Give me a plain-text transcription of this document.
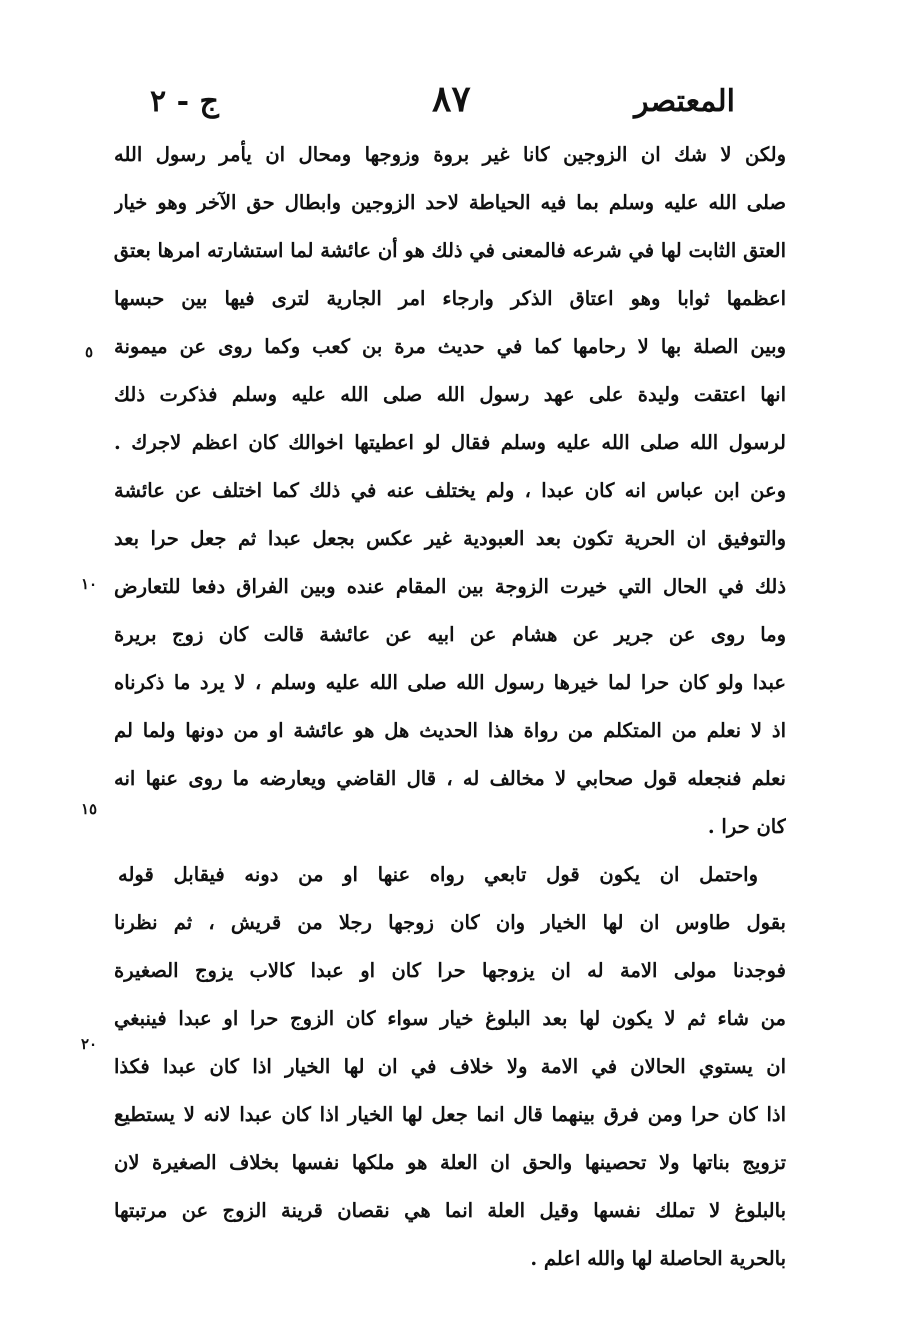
المعتصر
٨٧
ج - ٢
ولكن لا شك ان الزوجين كانا غير بروة وزوجها ومحال ان يأمر رسول الله
صلى الله عليه وسلم بما فيه الحياطة لاحد الزوجين وابطال حق الآخر وهو خيار
العتق الثابت لها في شرعه فالمعنى في ذلك هو أن عائشة لما استشارته امرها بعتق
اعظمها ثوابا وهو اعتاق الذكر وارجاء امر الجارية لترى فيها بين حبسها
وبين الصلة بها لا رحامها كما في حديث مرة بن كعب وكما روى عن ميمونة
انها اعتقت وليدة على عهد رسول الله صلى الله عليه وسلم فذكرت ذلك
لرسول الله صلى الله عليه وسلم فقال لو اعطيتها اخوالك كان اعظم لاجرك .
وعن ابن عباس انه كان عبدا ، ولم يختلف عنه في ذلك كما اختلف عن عائشة
والتوفيق ان الحرية تكون بعد العبودية غير عكس بجعل عبدا ثم جعل حرا بعد
ذلك في الحال التي خيرت الزوجة بين المقام عنده وبين الفراق دفعا للتعارض
وما روى عن جرير عن هشام عن ابيه عن عائشة قالت كان زوج بريرة
عبدا ولو كان حرا لما خيرها رسول الله صلى الله عليه وسلم ، لا يرد ما ذكرناه
اذ لا نعلم من المتكلم من رواة هذا الحديث هل هو عائشة او من دونها ولما لم
نعلم فنجعله قول صحابي لا مخالف له ، قال القاضي ويعارضه ما روى عنها انه
كان حرا .
واحتمل ان يكون قول تابعي رواه عنها او من دونه فيقابل قوله
بقول طاوس ان لها الخيار وان كان زوجها رجلا من قريش ، ثم نظرنا
فوجدنا مولى الامة له ان يزوجها حرا كان او عبدا كالاب يزوج الصغيرة
من شاء ثم لا يكون لها بعد البلوغ خيار سواء كان الزوج حرا او عبدا فينبغي
ان يستوي الحالان في الامة ولا خلاف في ان لها الخيار اذا كان عبدا فكذا
اذا كان حرا ومن فرق بينهما قال انما جعل لها الخيار اذا كان عبدا لانه لا يستطيع
تزويج بناتها ولا تحصينها والحق ان العلة هو ملكها نفسها بخلاف الصغيرة لان
بالبلوغ لا تملك نفسها وقيل العلة انما هي نقصان قرينة الزوج عن مرتبتها
بالحرية الحاصلة لها والله اعلم .
٥
١٠
١٥
٢٠
